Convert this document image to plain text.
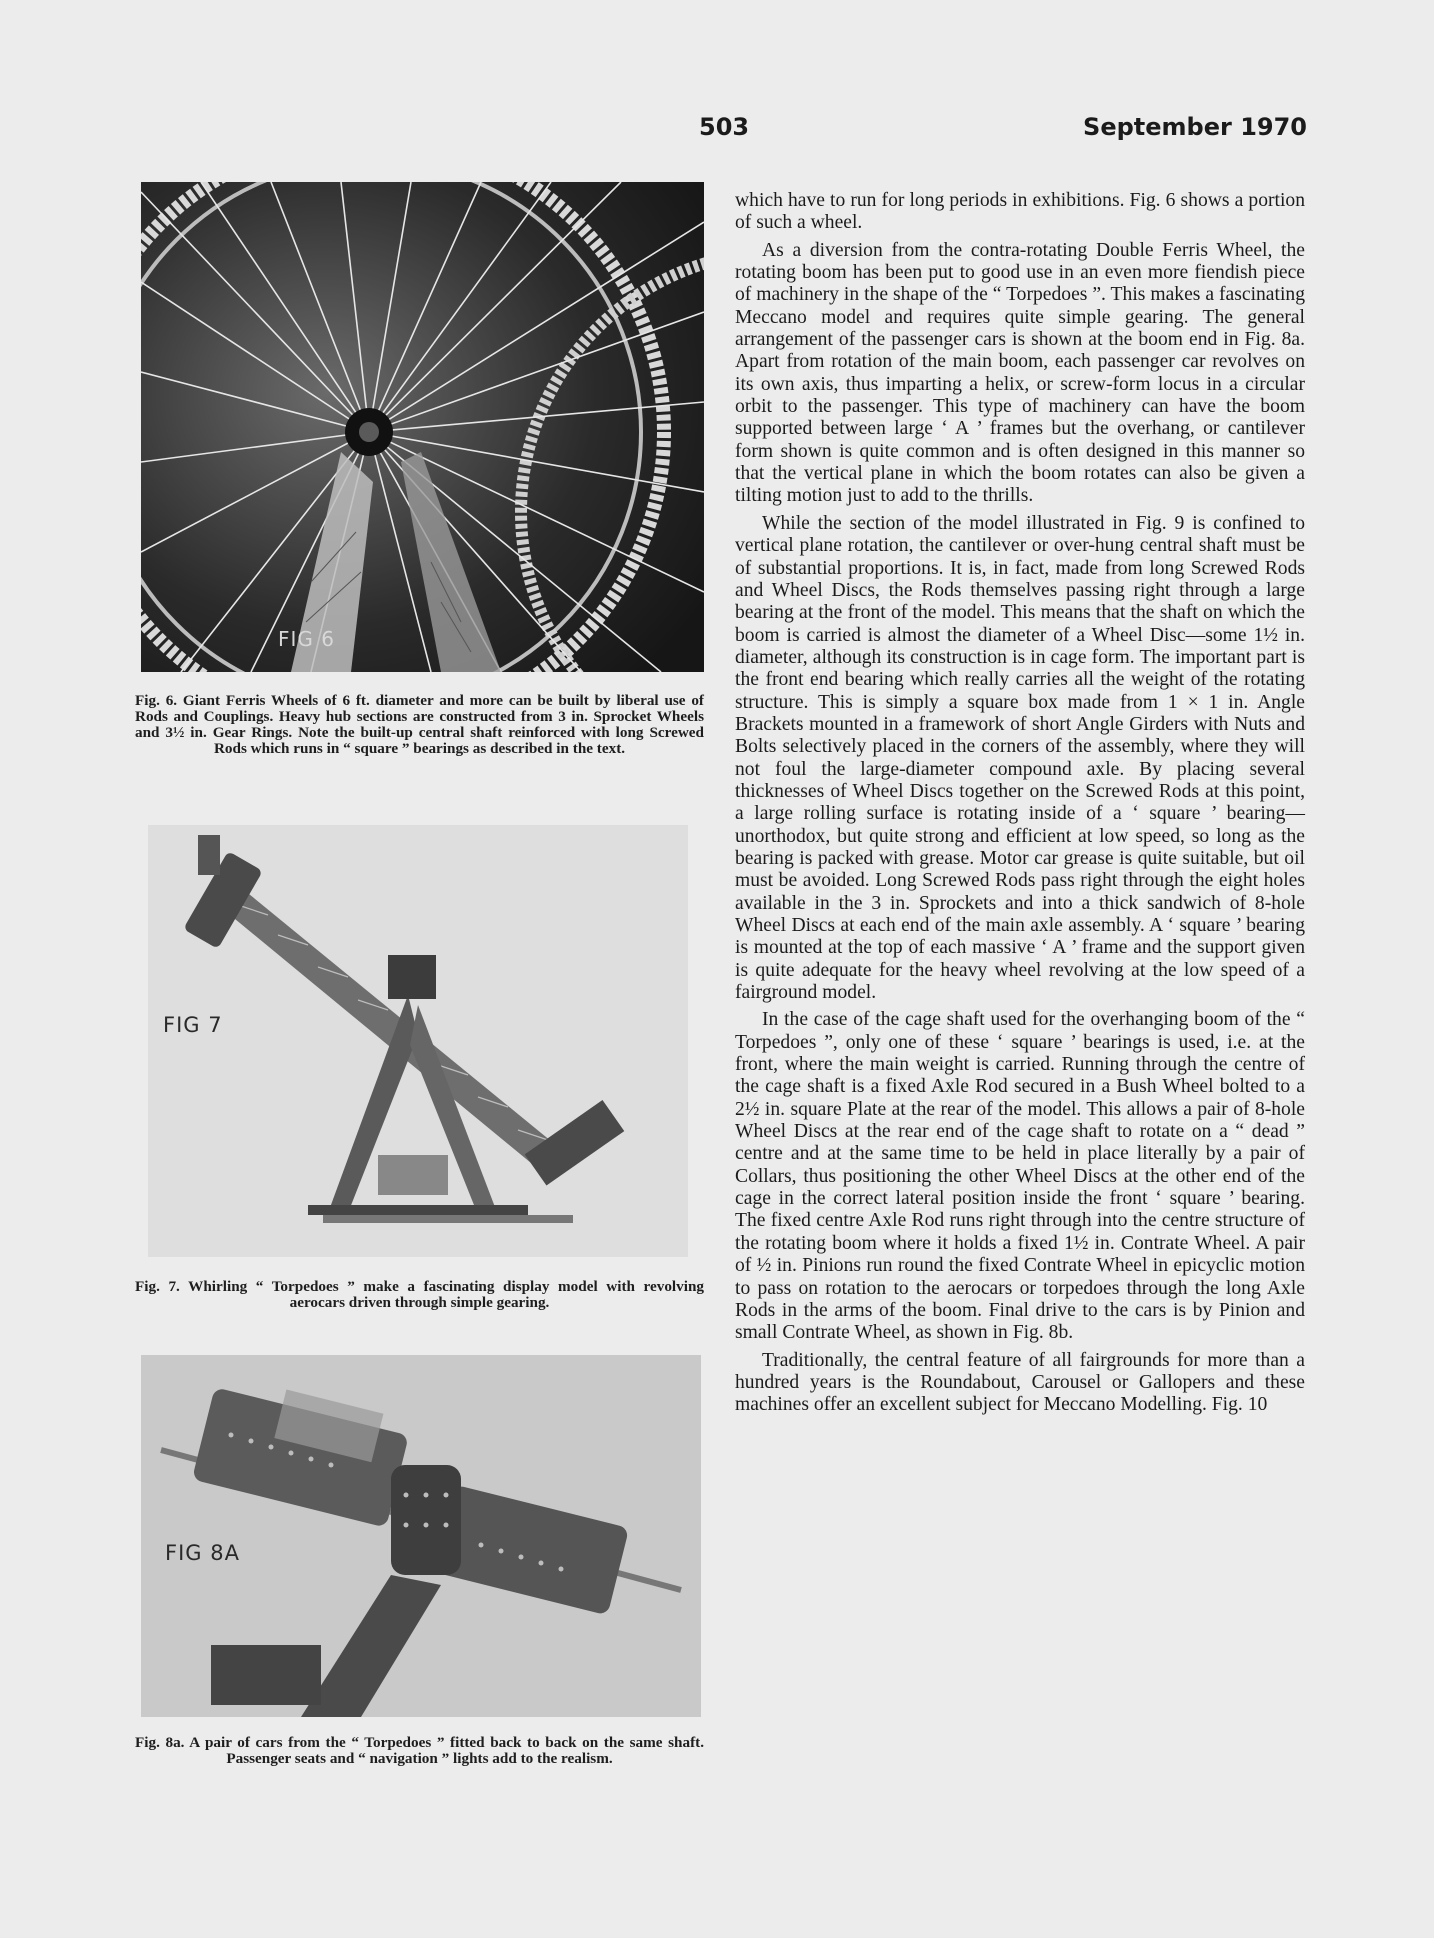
503	September 1970
FIG 6
Fig. 6. Giant Ferris Wheels of 6 ft. diameter and more can be built by liberal use of Rods and Couplings. Heavy hub sections are constructed from 3 in. Sprocket Wheels and 3½ in. Gear Rings. Note the built-up central shaft reinforced with long Screwed Rods which runs in “ square ” bearings as described in the text.
FIG 7
Fig. 7. Whirling “ Torpedoes ” make a fascinating display model with revolving aerocars driven through simple gearing.
FIG 8A
Fig. 8a. A pair of cars from the “ Torpedoes ” fitted back to back on the same shaft. Passenger seats and “ navigation ” lights add to the realism.

which have to run for long periods in exhibitions. Fig. 6 shows a portion of such a wheel.

As a diversion from the contra-rotating Double Ferris Wheel, the rotating boom has been put to good use in an even more fiendish piece of machinery in the shape of the “ Torpedoes ”. This makes a fascinating Meccano model and requires quite simple gearing. The general arrangement of the passenger cars is shown at the boom end in Fig. 8a. Apart from rotation of the main boom, each passenger car revolves on its own axis, thus imparting a helix, or screw-form locus in a circular orbit to the passenger. This type of machinery can have the boom supported between large ‘ A ’ frames but the overhang, or cantilever form shown is quite common and is often designed in this manner so that the vertical plane in which the boom rotates can also be given a tilting motion just to add to the thrills.

While the section of the model illustrated in Fig. 9 is confined to vertical plane rotation, the cantilever or over-hung central shaft must be of substantial proportions. It is, in fact, made from long Screwed Rods and Wheel Discs, the Rods themselves passing right through a large bearing at the front of the model. This means that the shaft on which the boom is carried is almost the diameter of a Wheel Disc—some 1½ in. diameter, although its construction is in cage form. The important part is the front end bearing which really carries all the weight of the rotating structure. This is simply a square box made from 1 × 1 in. Angle Brackets mounted in a framework of short Angle Girders with Nuts and Bolts selectively placed in the corners of the assembly, where they will not foul the large-diameter compound axle. By placing several thicknesses of Wheel Discs together on the Screwed Rods at this point, a large rolling surface is rotating inside of a ‘ square ’ bearing—unorthodox, but quite strong and efficient at low speed, so long as the bearing is packed with grease. Motor car grease is quite suitable, but oil must be avoided. Long Screwed Rods pass right through the eight holes available in the 3 in. Sprockets and into a thick sandwich of 8-hole Wheel Discs at each end of the main axle assembly. A ‘ square ’ bearing is mounted at the top of each massive ‘ A ’ frame and the support given is quite adequate for the heavy wheel revolving at the low speed of a fairground model.

In the case of the cage shaft used for the overhanging boom of the “ Torpedoes ”, only one of these ‘ square ’ bearings is used, i.e. at the front, where the main weight is carried. Running through the centre of the cage shaft is a fixed Axle Rod secured in a Bush Wheel bolted to a 2½ in. square Plate at the rear of the model. This allows a pair of 8-hole Wheel Discs at the rear end of the cage shaft to rotate on a “ dead ” centre and at the same time to be held in place literally by a pair of Collars, thus positioning the other Wheel Discs at the other end of the cage in the correct lateral position inside the front ‘ square ’ bearing. The fixed centre Axle Rod runs right through into the centre structure of the rotating boom where it holds a fixed 1½ in. Contrate Wheel. A pair of ½ in. Pinions run round the fixed Contrate Wheel in epicyclic motion to pass on rotation to the aerocars or torpedoes through the long Axle Rods in the arms of the boom. Final drive to the cars is by Pinion and small Contrate Wheel, as shown in Fig. 8b.

Traditionally, the central feature of all fairgrounds for more than a hundred years is the Roundabout, Carousel or Gallopers and these machines offer an excellent subject for Meccano Modelling. Fig. 10
